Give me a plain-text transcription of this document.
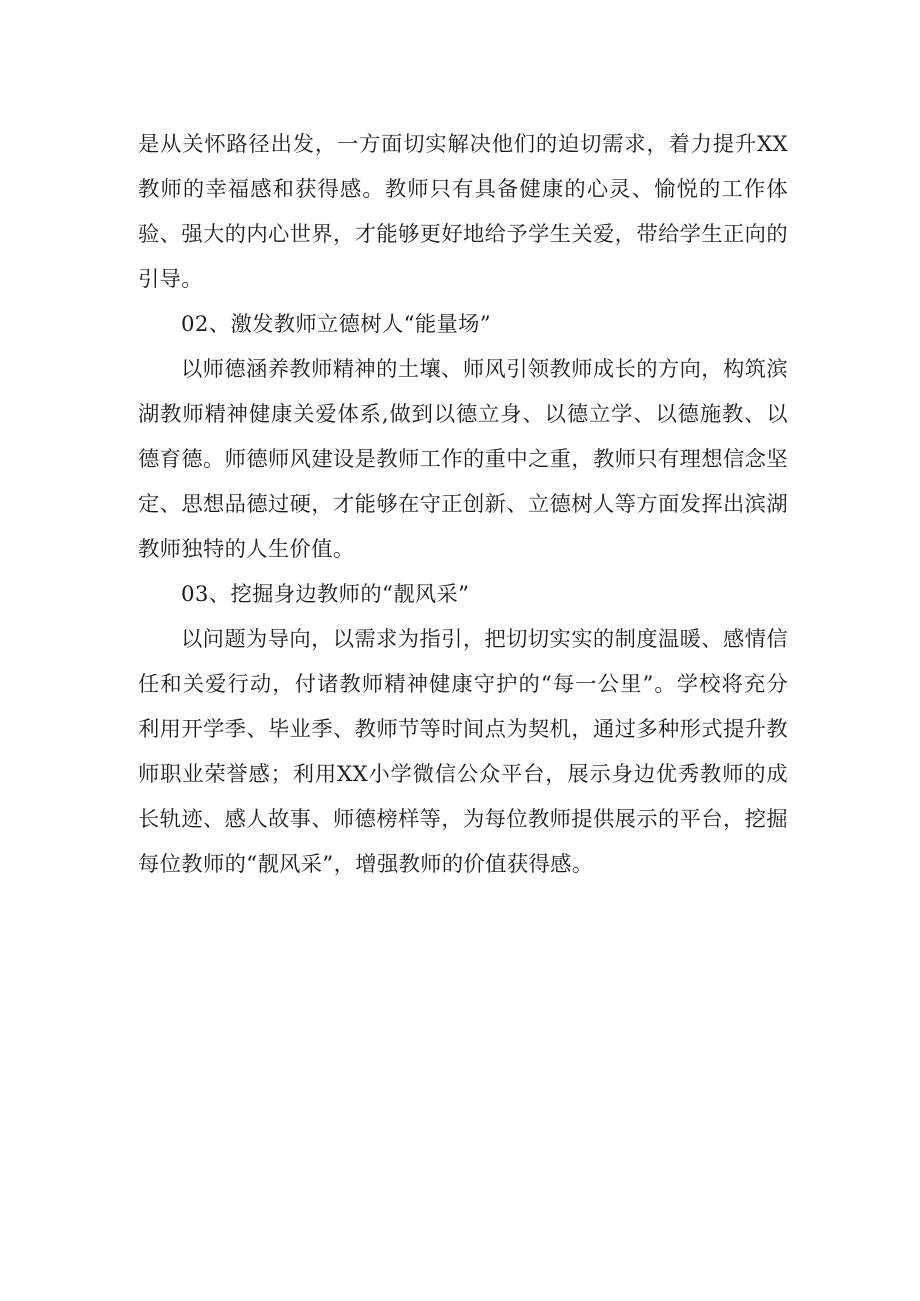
是从关怀路径出发，一方面切实解决他们的迫切需求，着力提升XX教师的幸福感和获得感。教师只有具备健康的心灵、愉悦的工作体验、强大的内心世界，才能够更好地给予学生关爱，带给学生正向的引导。

02、激发教师立德树人“能量场”

以师德涵养教师精神的土壤、师风引领教师成长的方向，构筑滨湖教师精神健康关爱体系,做到以德立身、以德立学、以德施教、以德育德。师德师风建设是教师工作的重中之重，教师只有理想信念坚定、思想品德过硬，才能够在守正创新、立德树人等方面发挥出滨湖教师独特的人生价值。

03、挖掘身边教师的“靓风采”

以问题为导向，以需求为指引，把切切实实的制度温暖、感情信任和关爱行动，付诸教师精神健康守护的“每一公里”。学校将充分利用开学季、毕业季、教师节等时间点为契机，通过多种形式提升教师职业荣誉感；利用XX小学微信公众平台，展示身边优秀教师的成长轨迹、感人故事、师德榜样等，为每位教师提供展示的平台，挖掘每位教师的“靓风采”，增强教师的价值获得感。
